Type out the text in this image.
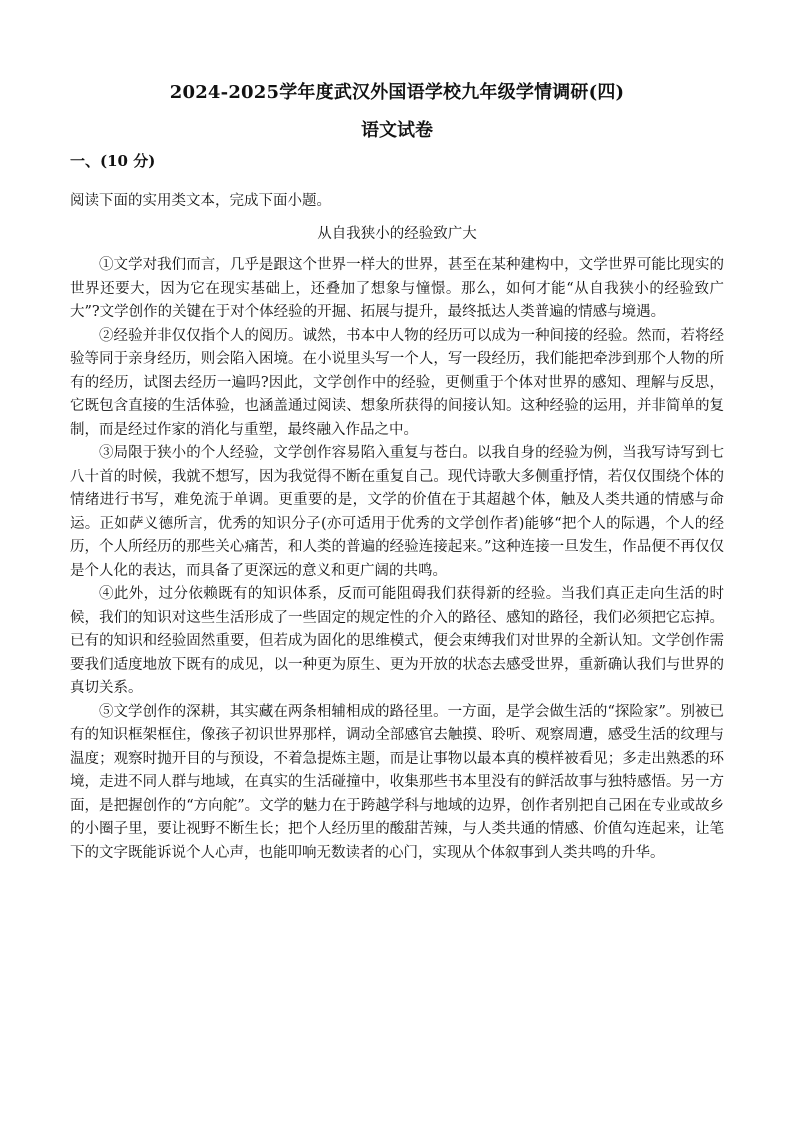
2024-2025学年度武汉外国语学校九年级学情调研(四)
语文试卷
一、(10 分)
阅读下面的实用类文本，完成下面小题。
从自我狭小的经验致广大

①文学对我们而言，几乎是跟这个世界一样大的世界，甚至在某种建构中，文学世界可能比现实的世界还要大，因为它在现实基础上，还叠加了想象与憧憬。那么，如何才能“从自我狭小的经验致广大”?文学创作的关键在于对个体经验的开掘、拓展与提升，最终抵达人类普遍的情感与境遇。

②经验并非仅仅指个人的阅历。诚然，书本中人物的经历可以成为一种间接的经验。然而，若将经验等同于亲身经历，则会陷入困境。在小说里头写一个人，写一段经历，我们能把牵涉到那个人物的所有的经历，试图去经历一遍吗?因此，文学创作中的经验，更侧重于个体对世界的感知、理解与反思，它既包含直接的生活体验，也涵盖通过阅读、想象所获得的间接认知。这种经验的运用，并非简单的复制，而是经过作家的消化与重塑，最终融入作品之中。

③局限于狭小的个人经验，文学创作容易陷入重复与苍白。以我自身的经验为例，当我写诗写到七八十首的时候，我就不想写，因为我觉得不断在重复自己。现代诗歌大多侧重抒情，若仅仅围绕个体的情绪进行书写，难免流于单调。更重要的是，文学的价值在于其超越个体，触及人类共通的情感与命运。正如萨义德所言，优秀的知识分子(亦可适用于优秀的文学创作者)能够“把个人的际遇，个人的经历，个人所经历的那些关心痛苦，和人类的普遍的经验连接起来。”这种连接一旦发生，作品便不再仅仅是个人化的表达，而具备了更深远的意义和更广阔的共鸣。

④此外，过分依赖既有的知识体系，反而可能阻碍我们获得新的经验。当我们真正走向生活的时候，我们的知识对这些生活形成了一些固定的规定性的介入的路径、感知的路径，我们必须把它忘掉。已有的知识和经验固然重要，但若成为固化的思维模式，便会束缚我们对世界的全新认知。文学创作需要我们适度地放下既有的成见，以一种更为原生、更为开放的状态去感受世界，重新确认我们与世界的真切关系。

⑤文学创作的深耕，其实藏在两条相辅相成的路径里。一方面，是学会做生活的“探险家”。别被已有的知识框架框住，像孩子初识世界那样，调动全部感官去触摸、聆听、观察周遭，感受生活的纹理与温度；观察时抛开目的与预设，不着急提炼主题，而是让事物以最本真的模样被看见；多走出熟悉的环境，走进不同人群与地域，在真实的生活碰撞中，收集那些书本里没有的鲜活故事与独特感悟。另一方面，是把握创作的“方向舵”。文学的魅力在于跨越学科与地域的边界，创作者别把自己困在专业或故乡的小圈子里，要让视野不断生长；把个人经历里的酸甜苦辣，与人类共通的情感、价值勾连起来，让笔下的文字既能诉说个人心声，也能叩响无数读者的心门，实现从个体叙事到人类共鸣的升华。
